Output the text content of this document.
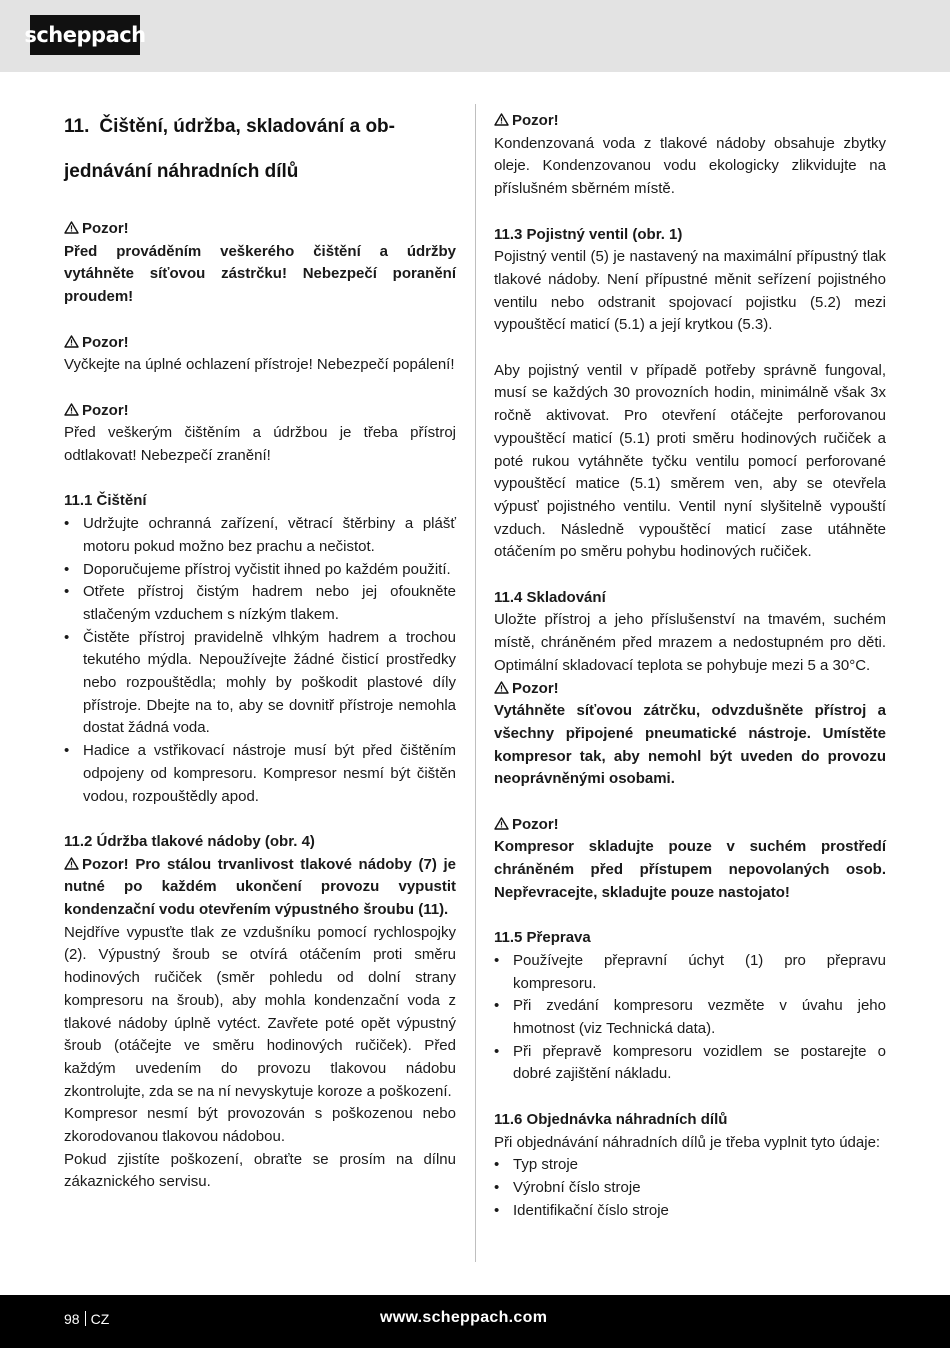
scheppach
11. Čištění, údržba, skladování a ob-jednávání náhradních dílů

Pozor!

Před prováděním veškerého čištění a údržby vytáhněte síťovou zástrčku! Nebezpečí poranění proudem!

Pozor!

Vyčkejte na úplné ochlazení přístroje! Nebezpečí popálení!

Pozor!

Před veškerým čištěním a údržbou je třeba přístroj odtlakovat! Nebezpečí zranění!

11.1 Čištění

• Udržujte ochranná zařízení, větrací štěrbiny a plášť motoru pokud možno bez prachu a nečistot.
• Doporučujeme přístroj vyčistit ihned po každém použití.
• Otřete přístroj čistým hadrem nebo jej ofoukněte stlačeným vzduchem s nízkým tlakem.
• Čistěte přístroj pravidelně vlhkým hadrem a trochou tekutého mýdla. Nepoužívejte žádné čisticí prostředky nebo rozpouštědla; mohly by poškodit plastové díly přístroje. Dbejte na to, aby se dovnitř přístroje nemohla dostat žádná voda.
• Hadice a vstřikovací nástroje musí být před čištěním odpojeny od kompresoru. Kompresor nesmí být čištěn vodou, rozpouštědly apod.

11.2 Údržba tlakové nádoby (obr. 4)

Pozor! Pro stálou trvanlivost tlakové nádoby (7) je nutné po každém ukončení provozu vypustit kondenzační vodu otevřením výpustného šroubu (11).

Nejdříve vypusťte tlak ze vzdušníku pomocí rychlospojky (2). Výpustný šroub se otvírá otáčením proti směru hodinových ručiček (směr pohledu od dolní strany kompresoru na šroub), aby mohla kondenzační voda z tlakové nádoby úplně vytéct. Zavřete poté opět výpustný šroub (otáčejte ve směru hodinových ručiček). Před každým uvedením do provozu tlakovou nádobu zkontrolujte, zda se na ní nevyskytuje koroze a poškození.

Kompresor nesmí být provozován s poškozenou nebo zkorodovanou tlakovou nádobou.

Pokud zjistíte poškození, obraťte se prosím na dílnu zákaznického servisu.

Pozor!

Kondenzovaná voda z tlakové nádoby obsahuje zbytky oleje. Kondenzovanou vodu ekologicky zlikvidujte na příslušném sběrném místě.

11.3 Pojistný ventil (obr. 1)

Pojistný ventil (5) je nastavený na maximální přípustný tlak tlakové nádoby. Není přípustné měnit seřízení pojistného ventilu nebo odstranit spojovací pojistku (5.2) mezi vypouštěcí maticí (5.1) a její krytkou (5.3).

Aby pojistný ventil v případě potřeby správně fungoval, musí se každých 30 provozních hodin, minimálně však 3x ročně aktivovat. Pro otevření otáčejte perforovanou vypouštěcí maticí (5.1) proti směru hodinových ručiček a poté rukou vytáhněte tyčku ventilu pomocí perforované vypouštěcí matice (5.1) směrem ven, aby se otevřela výpusť pojistného ventilu. Ventil nyní slyšitelně vypouští vzduch. Následně vypouštěcí maticí zase utáhněte otáčením po směru pohybu hodinových ručiček.

11.4 Skladování

Uložte přístroj a jeho příslušenství na tmavém, suchém místě, chráněném před mrazem a nedostupném pro děti. Optimální skladovací teplota se pohybuje mezi 5 a 30°C.

Pozor!

Vytáhněte síťovou zátrčku, odvzdušněte přístroj a všechny připojené pneumatické nástroje. Umístěte kompresor tak, aby nemohl být uveden do provozu neoprávněnými osobami.

Pozor!

Kompresor skladujte pouze v suchém prostředí chráněném před přístupem nepovolaných osob. Nepřevracejte, skladujte pouze nastojato!

11.5 Přeprava

• Používejte přepravní úchyt (1) pro přepravu kompresoru.
• Při zvedání kompresoru vezměte v úvahu jeho hmotnost (viz Technická data).
• Při přepravě kompresoru vozidlem se postarejte o dobré zajištění nákladu.

11.6 Objednávka náhradních dílů

Při objednávání náhradních dílů je třeba vyplnit tyto údaje:

• Typ stroje
• Výrobní číslo stroje
• Identifikační číslo stroje
98 CZ	www.scheppach.com
